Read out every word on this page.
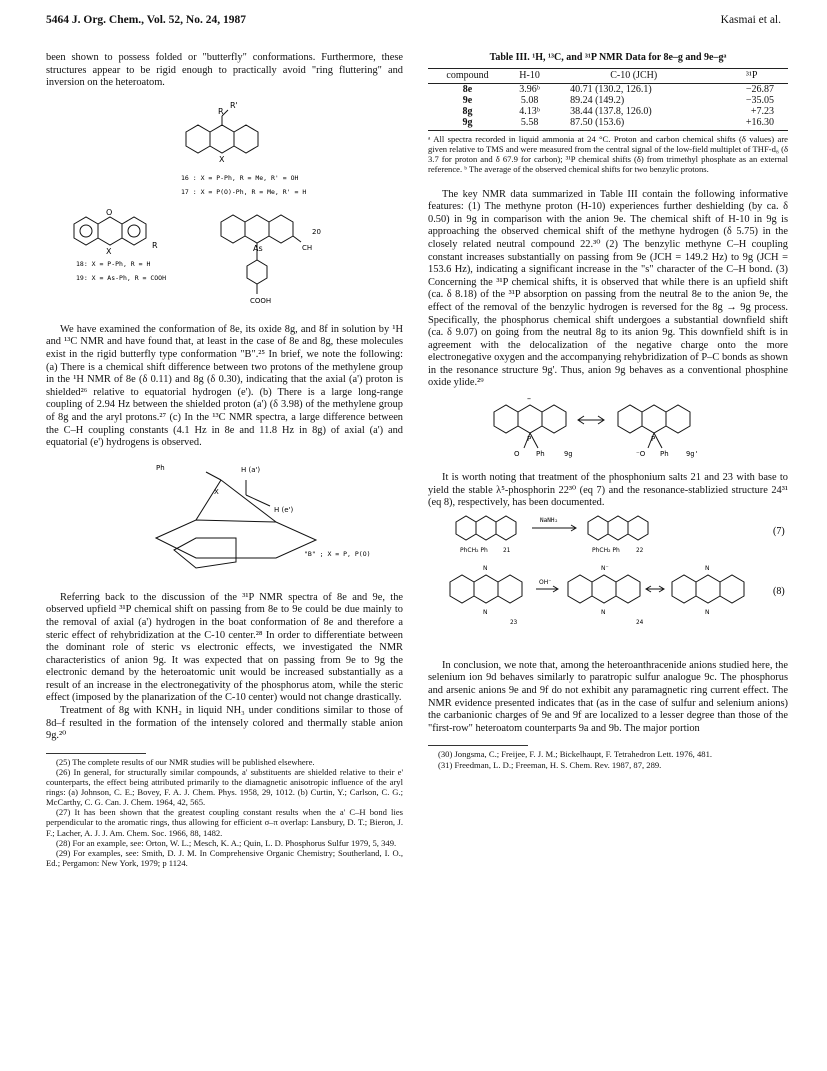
5464 J. Org. Chem., Vol. 52, No. 24, 1987	Kasmai et al.

been shown to possess folded or "butterfly" conformations. Furthermore, these structures appear to be rigid enough to practically avoid "ring fluttering" and inversion on the heteroatom.

R
R'
X
16 : X = P-Ph, R = Me, R' = OH
17 : X = P(O)-Ph, R = Me, R' = H
O
X
R	As	CH
20
COOH
18: X = P-Ph, R = H
19: X = As-Ph, R = COOH

We have examined the conformation of 8e, its oxide 8g, and 8f in solution by ¹H and ¹³C NMR and have found that, at least in the case of 8e and 8g, these molecules exist in the rigid butterfly type conformation "B".²⁵ In brief, we note the following: (a) There is a chemical shift difference between two protons of the methylene group in the ¹H NMR of 8e (δ 0.11) and 8g (δ 0.30), indicating that the axial (a') proton is shielded²⁶ relative to equatorial hydrogen (e'). (b) There is a large long-range coupling of 2.94 Hz between the shielded proton (a') (δ 3.98) of the methylene group of 8g and the aryl protons.²⁷ (c) In the ¹³C NMR spectra, a large difference between the C–H coupling constants (4.1 Hz in 8e and 11.8 Hz in 8g) of axial (a') and equatorial (e') hydrogens is observed.

Ph	H (a')
H (e')
X
"B" ; X = P, P(O)

Referring back to the discussion of the ³¹P NMR spectra of 8e and 9e, the observed upfield ³¹P chemical shift on passing from 8e to 9e could be due mainly to the removal of axial (a') hydrogen in the boat conformation of 8e and therefore a steric effect of rehybridization at the C-10 center.²⁸ In order to differentiate between the dominant role of steric vs electronic effects, we investigated the NMR characteristics of anion 9g. It was expected that on passing from 9e to 9g the electronic demand by the heteroatomic unit would be increased substantially as a result of an increase in the electronegativity of the phosphorus atom, while the steric effect (imposed by the planarization of the C-10 center) would not change drastically.

Treatment of 8g with KNH₂ in liquid NH₃ under conditions similar to those of 8d–f resulted in the formation of the intensely colored and thermally stable anion 9g.²⁰

(25) The complete results of our NMR studies will be published elsewhere.

(26) In general, for structurally similar compounds, a' substituents are shielded relative to their e' counterparts, the effect being attributed primarily to the diamagnetic anisotropic influence of the aryl rings: (a) Johnson, C. E.; Bovey, F. A. J. Chem. Phys. 1958, 29, 1012. (b) Curtin, Y.; Carlson, C. G.; McCarthy, C. G. Can. J. Chem. 1964, 42, 565.

(27) It has been shown that the greatest coupling constant results when the a' C–H bond lies perpendicular to the aromatic rings, thus allowing for efficient σ–π overlap: Lansbury, D. T.; Bieron, J. F.; Lacher, A. J. J. Am. Chem. Soc. 1966, 88, 1482.

(28) For an example, see: Orton, W. L.; Mesch, K. A.; Quin, L. D. Phosphorus Sulfur 1979, 5, 349.

(29) For examples, see: Smith, D. J. M. In Comprehensive Organic Chemistry; Southerland, I. O., Ed.; Pergamon: New York, 1979; p 1124.

Table III. ¹H, ¹³C, and ³¹P NMR Data for 8e–g and 9e–gᵃ
compound	H-10	C-10 (JCH)	³¹P
8e	3.96ᵇ	40.71 (130.2, 126.1)	−26.87
9e	5.08	89.24 (149.2)	−35.05
8g	4.13ᵇ	38.44 (137.8, 126.0)	+7.23
9g	5.58	87.50 (153.6)	+16.30
ᵃ All spectra recorded in liquid ammonia at 24 °C. Proton and carbon chemical shifts (δ values) are given relative to TMS and were measured from the central signal of the low-field multiplet of THF-d₈ (δ 3.7 for proton and δ 67.9 for carbon); ³¹P chemical shifts (δ) from trimethyl phosphate as an external reference. ᵇ The average of the observed chemical shifts for two benzylic protons.

The key NMR data summarized in Table III contain the following informative features: (1) The methyne proton (H-10) experiences further deshielding (by ca. δ 0.50) in 9g in comparison with the anion 9e. The chemical shift of H-10 in 9g is approaching the observed chemical shift of the methyne hydrogen (δ 5.75) in the closely related neutral compound 22.³⁰ (2) The benzylic methyne C–H coupling constant increases substantially on passing from 9e (JCH = 149.2 Hz) to 9g (JCH = 153.6 Hz), indicating a significant increase in the "s" character of the C–H bond. (3) Concerning the ³¹P chemical shifts, it is observed that while there is an upfield shift (ca. δ 8.18) of the ³¹P absorption on passing from the neutral 8e to the anion 9e, the effect of the removal of the benzylic hydrogen is reversed for the 8g → 9g process. Specifically, the phosphorus chemical shift undergoes a substantial downfield shift (ca. δ 9.07) on going from the neutral 8g to its anion 9g. This downfield shift is in agreement with the delocalization of the negative charge onto the more electronegative oxygen and the accompanying rehybridization of P–C bonds as shown in the resonance structure 9g'. Thus, anion 9g behaves as a conventional phosphine oxide ylide.²⁹

–
P	P
O Ph	⁻O Ph
9g	9g'

It is worth noting that treatment of the phosphonium salts 21 and 23 with base to yield the stable λ⁵-phosphorin 22³⁰ (eq 7) and the resonance-stablizied structure 24³¹ (eq 8), respectively, has been documented.

NaNH₂
PhCH₂ Ph	PhCH₂ Ph
21	22
(7)
OH⁻
N
N
N⁻
N
N
N
23	24
(8)

In conclusion, we note that, among the heteroanthracenide anions studied here, the selenium ion 9d behaves similarly to paratropic sulfur analogue 9c. The phosphorus and arsenic anions 9e and 9f do not exhibit any paramagnetic ring current effect. The NMR evidence presented indicates that (as in the case of sulfur and selenium anions) the carbanionic charges of 9e and 9f are localized to a lesser degree than those of the "first-row" heteroatom counterparts 9a and 9b. The major portion

(30) Jongsma, C.; Freijee, F. J. M.; Bickelhaupt, F. Tetrahedron Lett. 1976, 481.

(31) Freedman, L. D.; Freeman, H. S. Chem. Rev. 1987, 87, 289.
